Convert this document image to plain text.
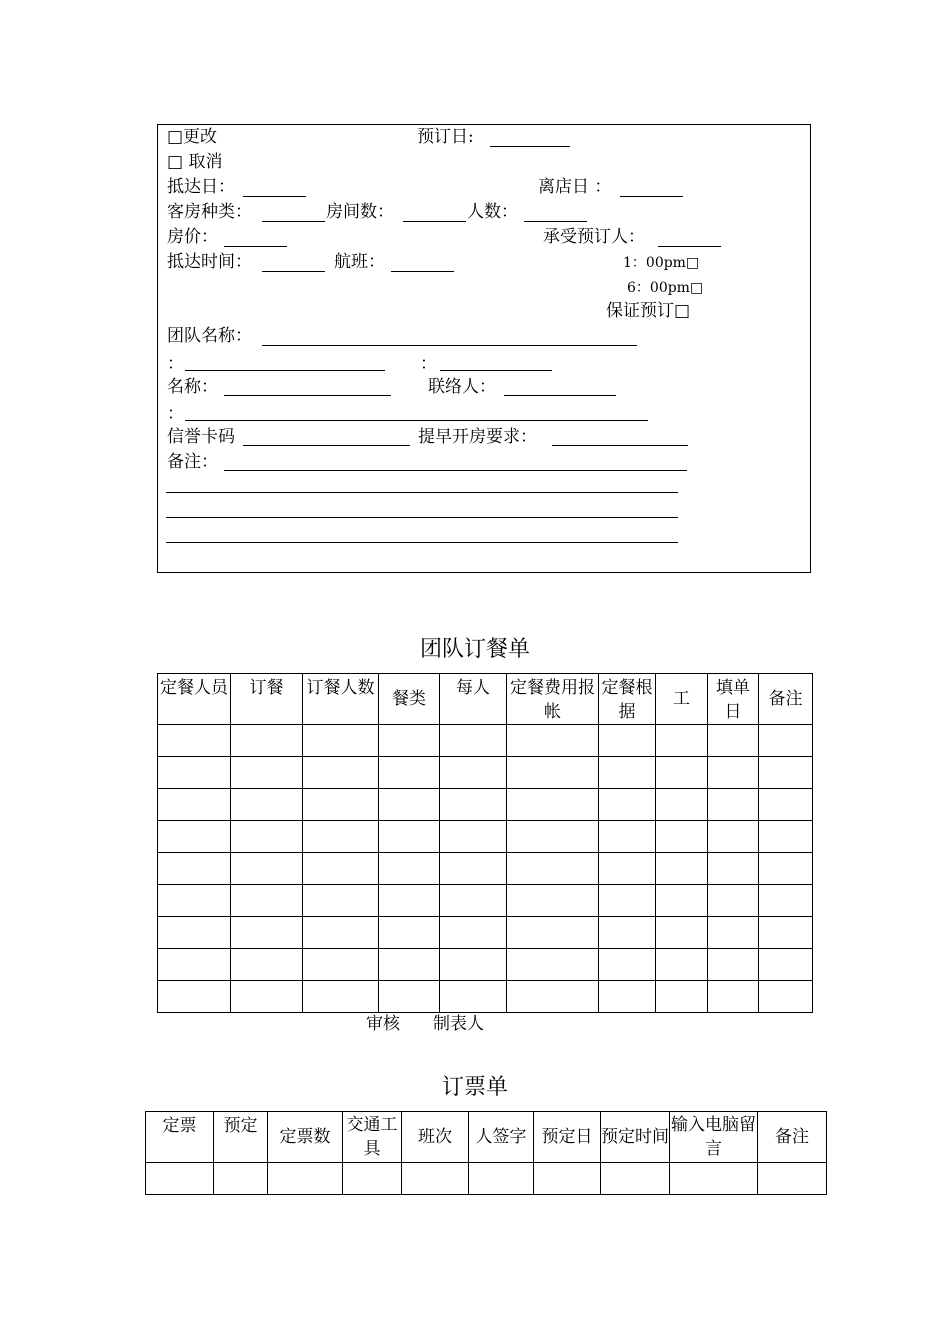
□更改	预订日:
□ 取消
抵达日：	离店日 ：
客房种类：	房间数：	人数：
房价：	承受预订人：
抵达时间：	航班：	1：00pm□
6：00pm□
保证预订□
团队名称：
：	：
名称：	联络人：
：
信誉卡码	提早开房要求：
备注：
团队订餐单
定餐人员	订餐	订餐人数	餐类	每人	定餐费用报帐	定餐根据	工	填单日	备注

审核 制表人
订票单
定票	预定	定票数	交通工具	班次	人签字	预定日	预定时间	输入电脑留言	备注
